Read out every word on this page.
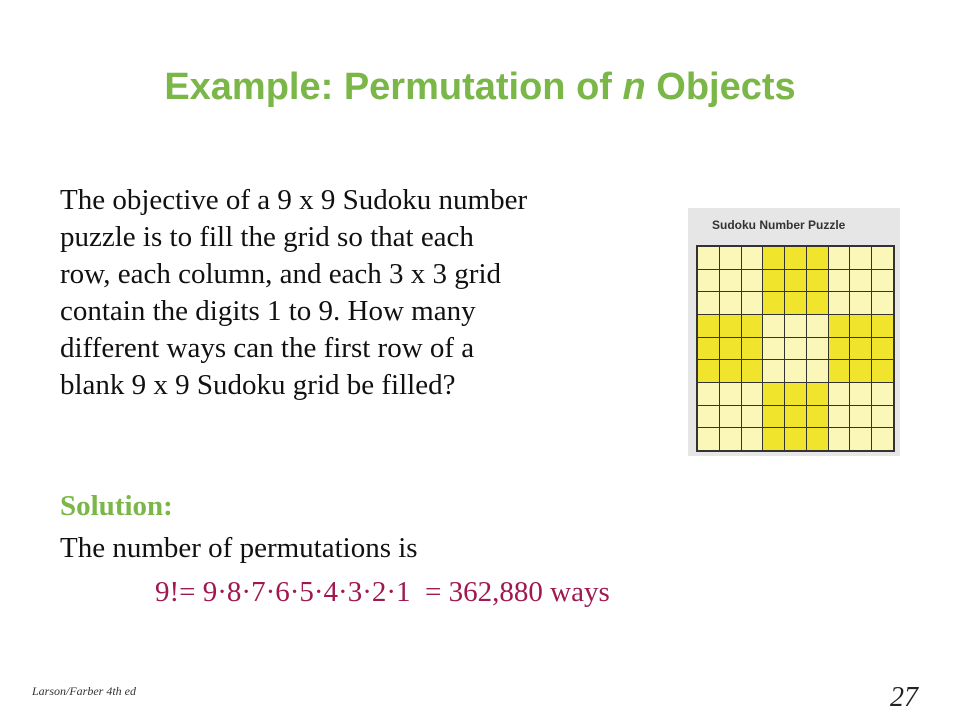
Example: Permutation of n Objects
The objective of a 9 x 9 Sudoku number
puzzle is to fill the grid so that each
row, each column, and each 3 x 3 grid
contain the digits 1 to 9. How many
different ways can the first row of a
blank 9 x 9 Sudoku grid be filled?
Sudoku Number Puzzle
Solution:
The number of permutations is
9!= 9·8·7·6·5·4·3·2·1  = 362,880 ways
Larson/Farber 4th ed	27
